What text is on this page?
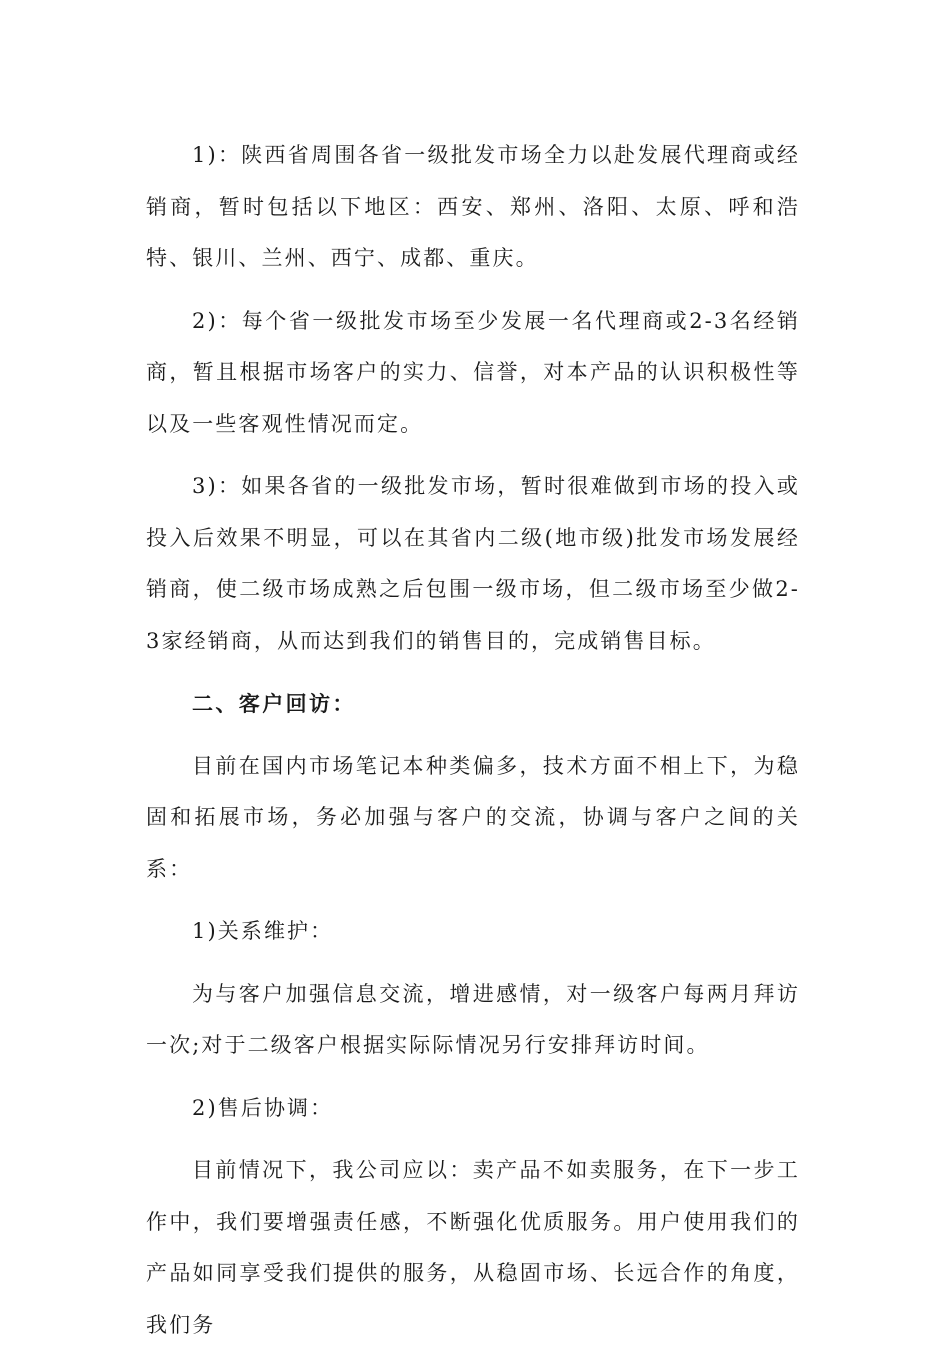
1)：陕西省周围各省一级批发市场全力以赴发展代理商或经销商，暂时包括以下地区：西安、郑州、洛阳、太原、呼和浩特、银川、兰州、西宁、成都、重庆。

2)：每个省一级批发市场至少发展一名代理商或2-3名经销商，暂且根据市场客户的实力、信誉，对本产品的认识积极性等以及一些客观性情况而定。

3)：如果各省的一级批发市场，暂时很难做到市场的投入或投入后效果不明显，可以在其省内二级(地市级)批发市场发展经销商，使二级市场成熟之后包围一级市场，但二级市场至少做2-3家经销商，从而达到我们的销售目的，完成销售目标。

二、客户回访：

目前在国内市场笔记本种类偏多，技术方面不相上下，为稳固和拓展市场，务必加强与客户的交流，协调与客户之间的关系：

1)关系维护：

为与客户加强信息交流，增进感情，对一级客户每两月拜访一次;对于二级客户根据实际际情况另行安排拜访时间。

2)售后协调：

目前情况下，我公司应以：卖产品不如卖服务，在下一步工作中，我们要增强责任感，不断强化优质服务。用户使用我们的产品如同享受我们提供的服务，从稳固市场、长远合作的角度，我们务
